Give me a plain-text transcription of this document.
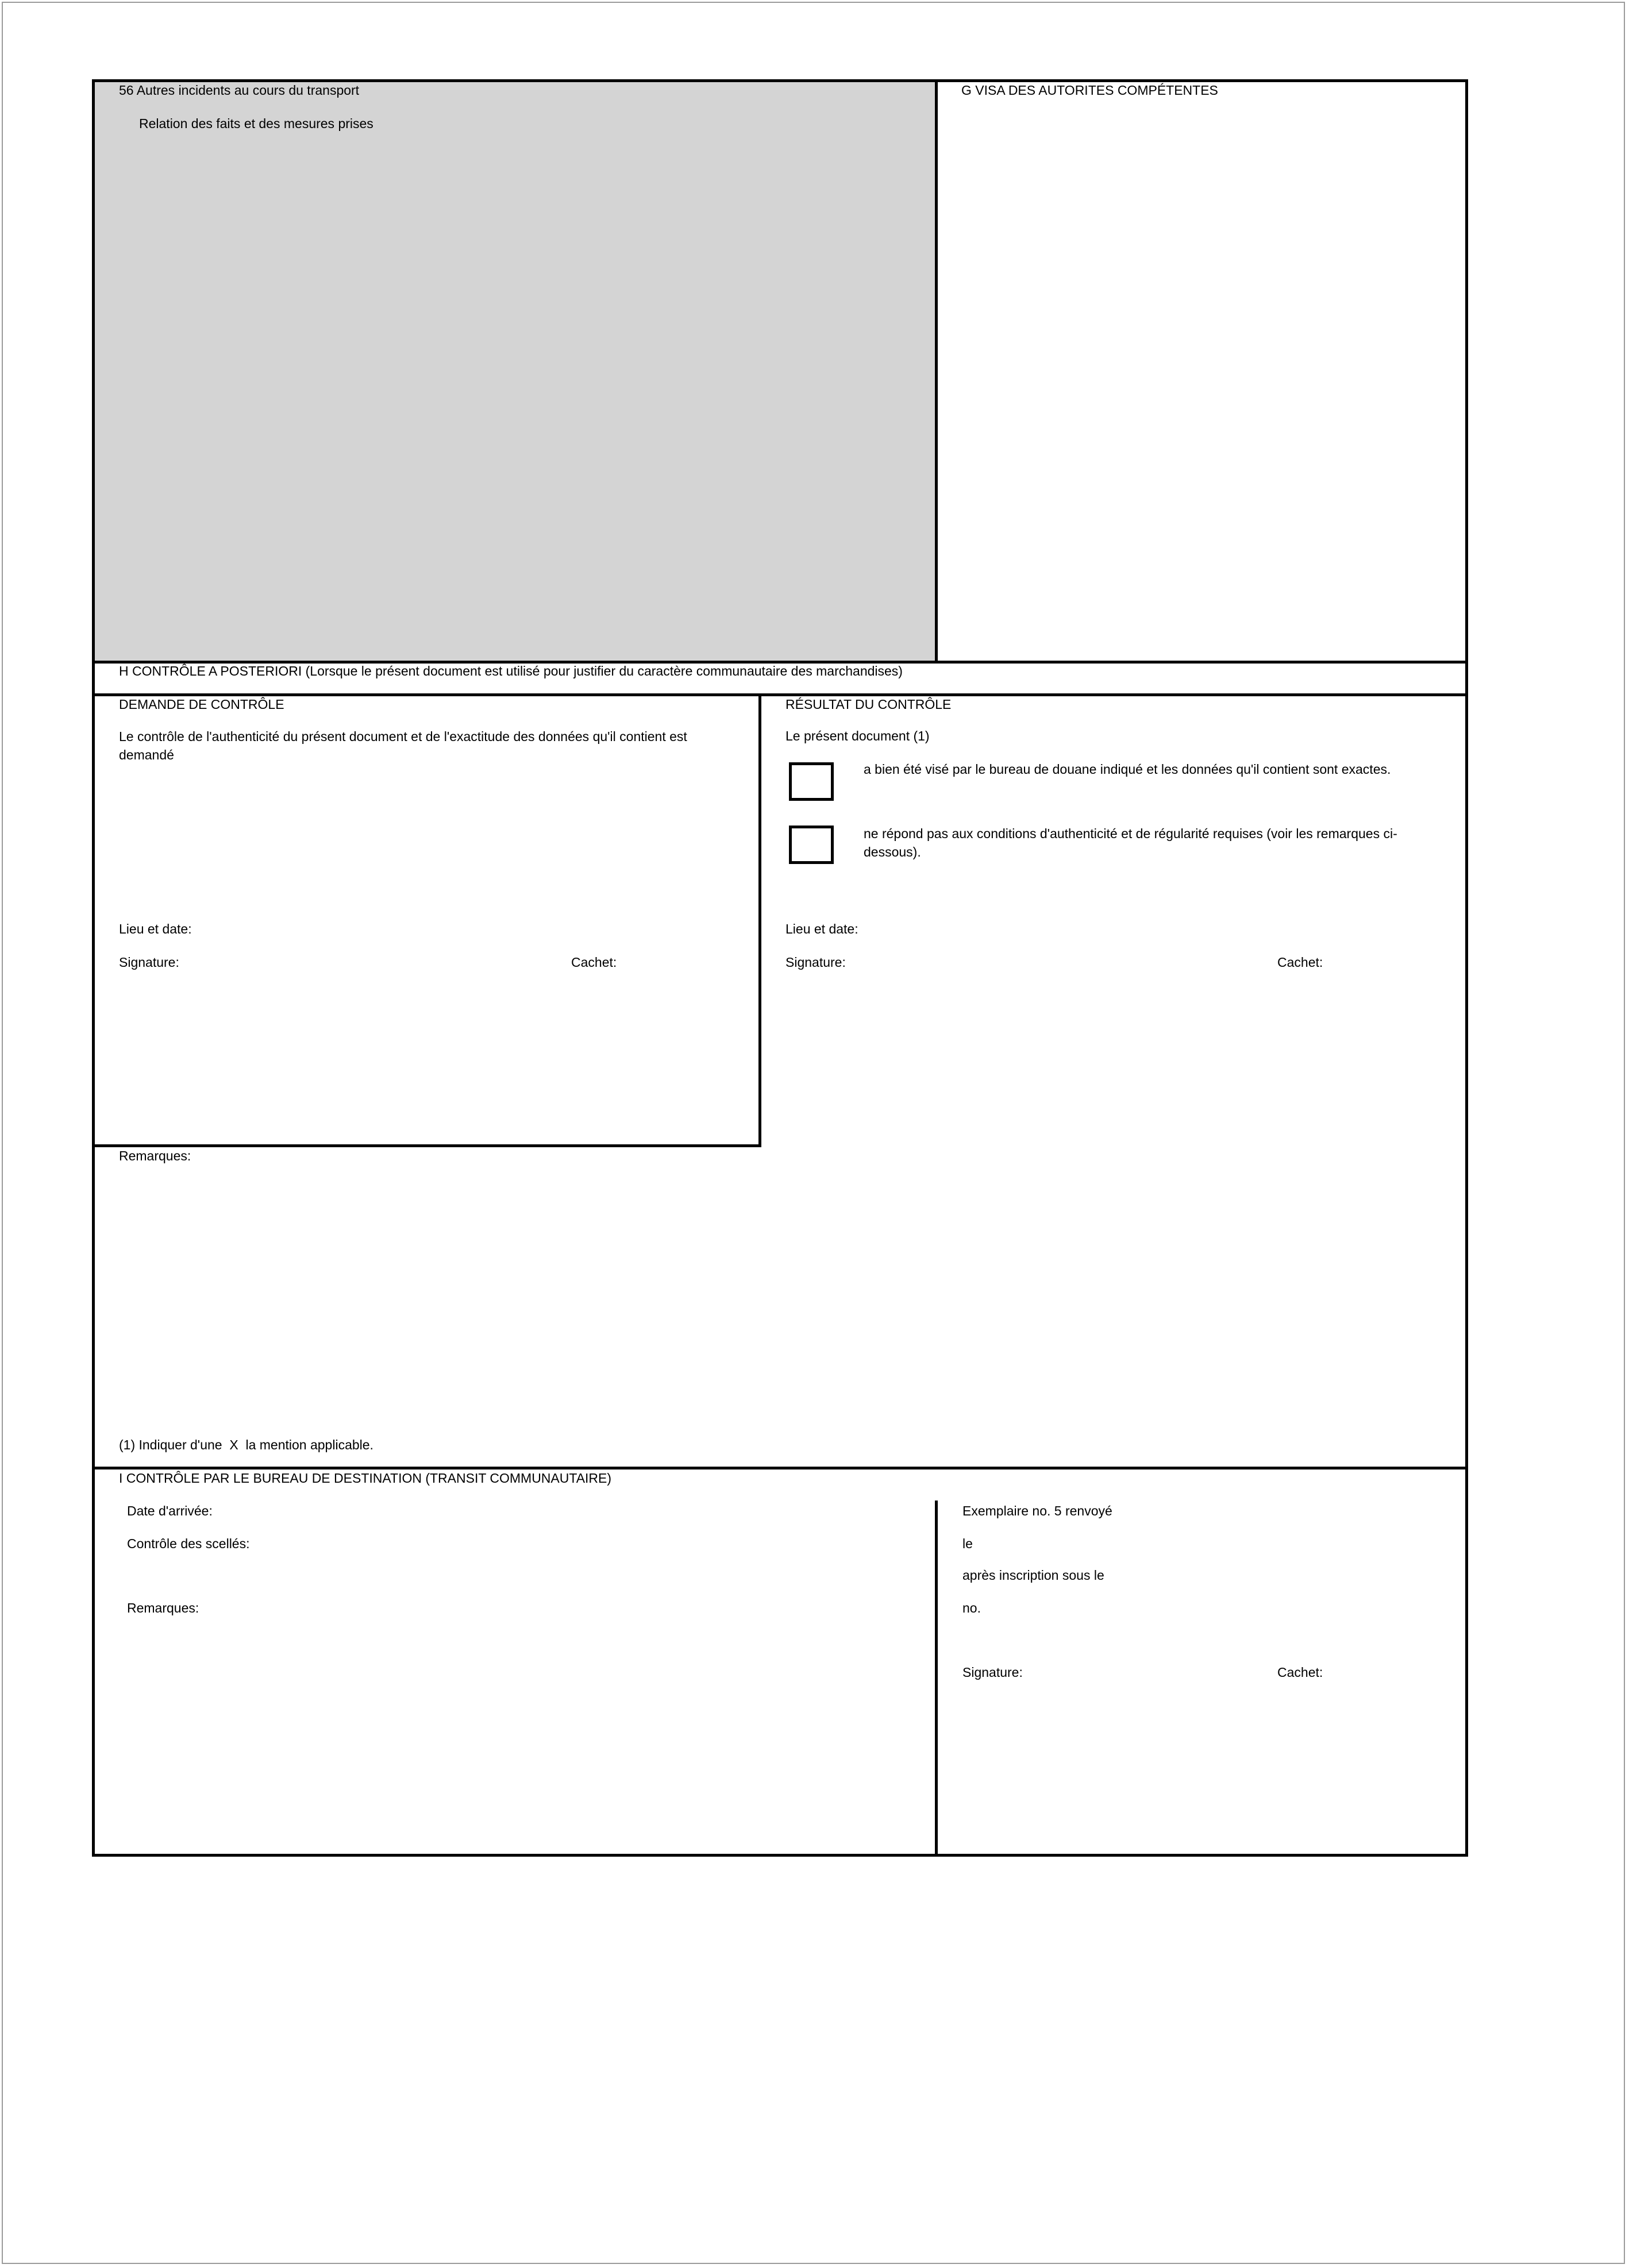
56 Autres incidents au cours du transport
Relation des faits et des mesures prises
G VISA DES AUTORITES COMPÉTENTES
H CONTRÔLE A POSTERIORI (Lorsque le présent document est utilisé pour justifier du caractère communautaire des marchandises)
DEMANDE DE CONTRÔLE
Le contrôle de l'authenticité du présent document et de l'exactitude des données qu'il contient est demandé
Lieu et date:
Signature:	Cachet:
RÉSULTAT DU CONTRÔLE
Le présent document (1)
a bien été visé par le bureau de douane indiqué et les données qu'il contient sont exactes.
ne répond pas aux conditions d'authenticité et de régularité requises (voir les remarques ci-dessous).
Lieu et date:
Signature:	Cachet:
Remarques:
(1) Indiquer d'une  X  la mention applicable.
I CONTRÔLE PAR LE BUREAU DE DESTINATION (TRANSIT COMMUNAUTAIRE)
Date d'arrivée:
Contrôle des scellés:
Remarques:
Exemplaire no. 5 renvoyé
le
après inscription sous le
no.
Signature:	Cachet:
